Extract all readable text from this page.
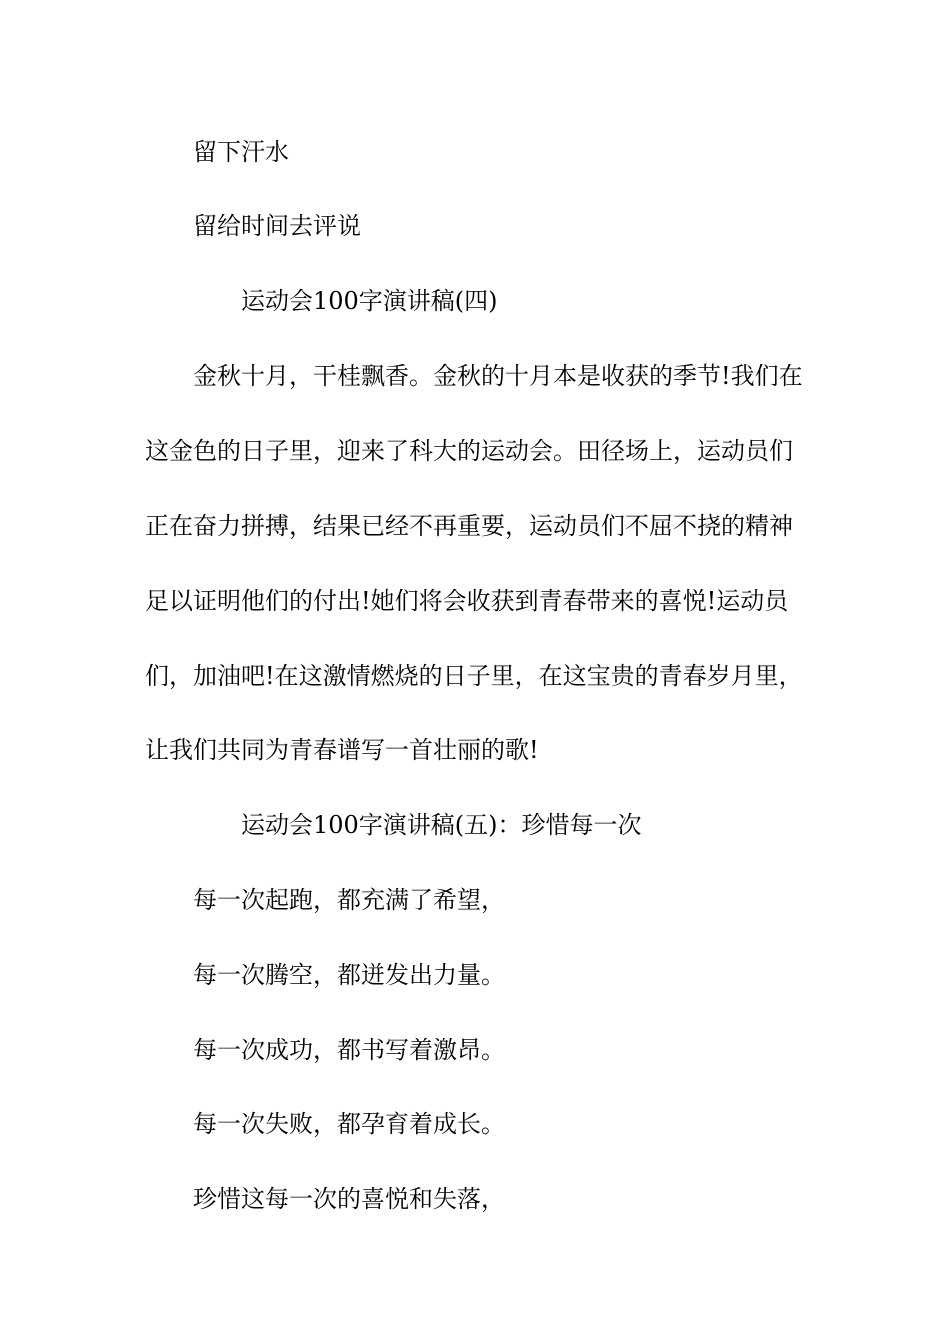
留下汗水

留给时间去评说

运动会100字演讲稿(四)

金秋十月，干桂飘香。金秋的十月本是收获的季节!我们在

这金色的日子里，迎来了科大的运动会。田径场上，运动员们

正在奋力拼搏，结果已经不再重要，运动员们不屈不挠的精神

足以证明他们的付出!她们将会收获到青春带来的喜悦!运动员

们，加油吧!在这激情燃烧的日子里，在这宝贵的青春岁月里，

让我们共同为青春谱写一首壮丽的歌!

运动会100字演讲稿(五)：珍惜每一次

每一次起跑，都充满了希望，

每一次腾空，都迸发出力量。

每一次成功，都书写着激昂。

每一次失败，都孕育着成长。

珍惜这每一次的喜悦和失落，
